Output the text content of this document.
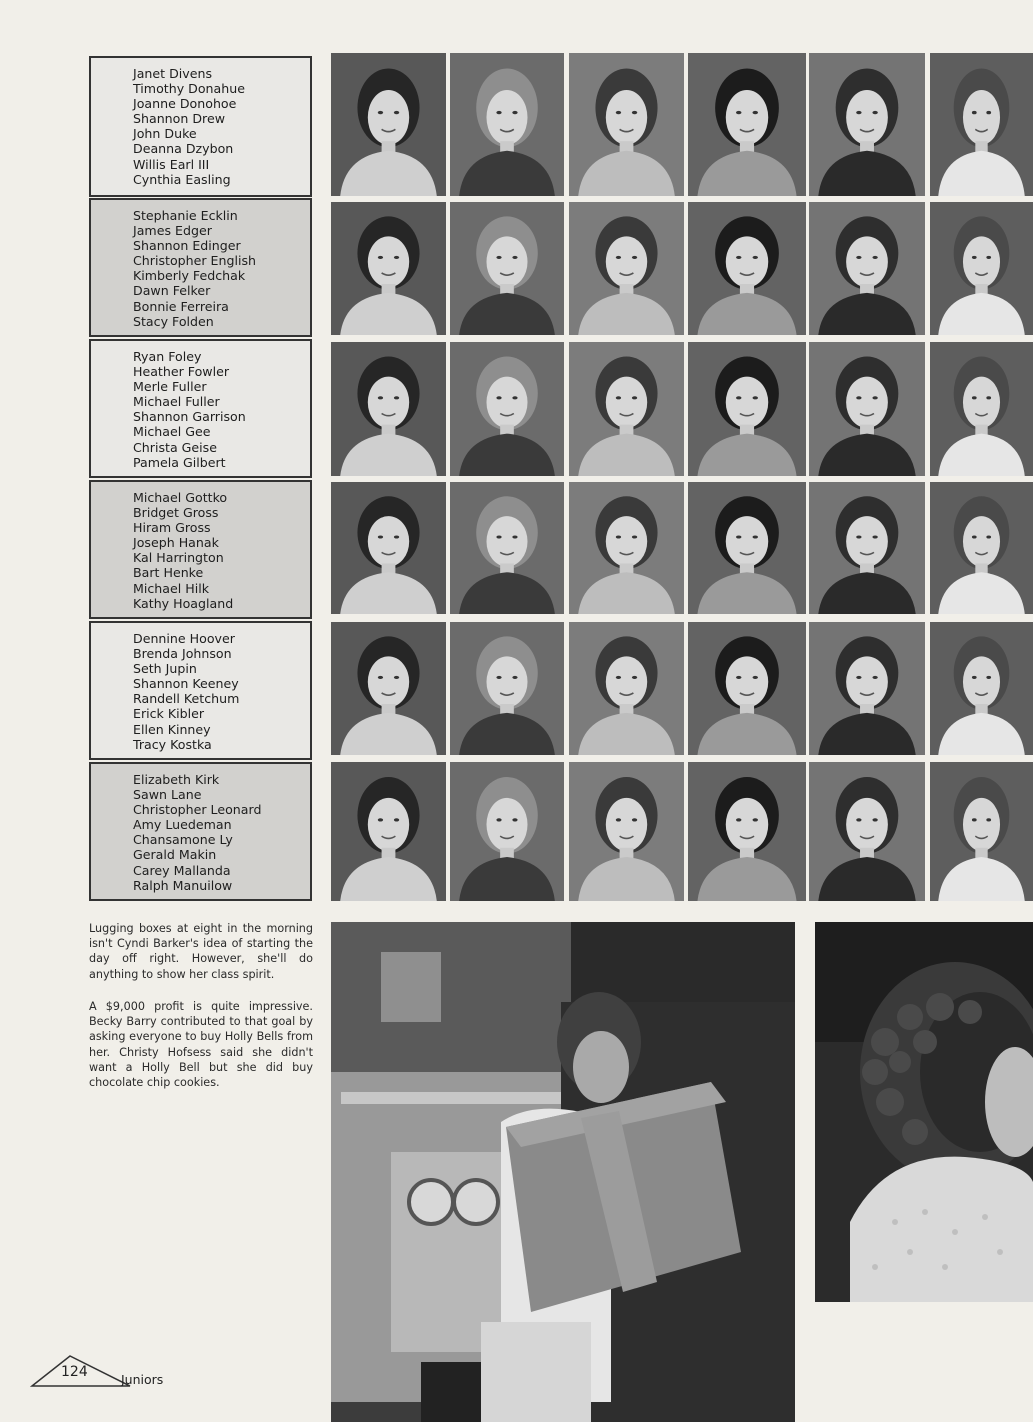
Janet Divens
Timothy Donahue
Joanne Donohoe
Shannon Drew
John Duke
Deanna Dzybon
Willis Earl III
Cynthia Easling
Stephanie Ecklin
James Edger
Shannon Edinger
Christopher English
Kimberly Fedchak
Dawn Felker
Bonnie Ferreira
Stacy Folden
Ryan Foley
Heather Fowler
Merle Fuller
Michael Fuller
Shannon Garrison
Michael Gee
Christa Geise
Pamela Gilbert
Michael Gottko
Bridget Gross
Hiram Gross
Joseph Hanak
Kal Harrington
Bart Henke
Michael Hilk
Kathy Hoagland
Dennine Hoover
Brenda Johnson
Seth Jupin
Shannon Keeney
Randell Ketchum
Erick Kibler
Ellen Kinney
Tracy Kostka
Elizabeth Kirk
Sawn Lane
Christopher Leonard
Amy Luedeman
Chansamone Ly
Gerald Makin
Carey Mallanda
Ralph Manuilow
Lugging boxes at eight in the morning isn't Cyndi Barker's idea of starting the day off right. However, she'll do anything to show her class spirit.
A $9,000 profit is quite impressive. Becky Barry contributed to that goal by asking everyone to buy Holly Bells from her. Christy Hofsess said she didn't want a Holly Bell but she did buy chocolate chip cookies.
124	Juniors
